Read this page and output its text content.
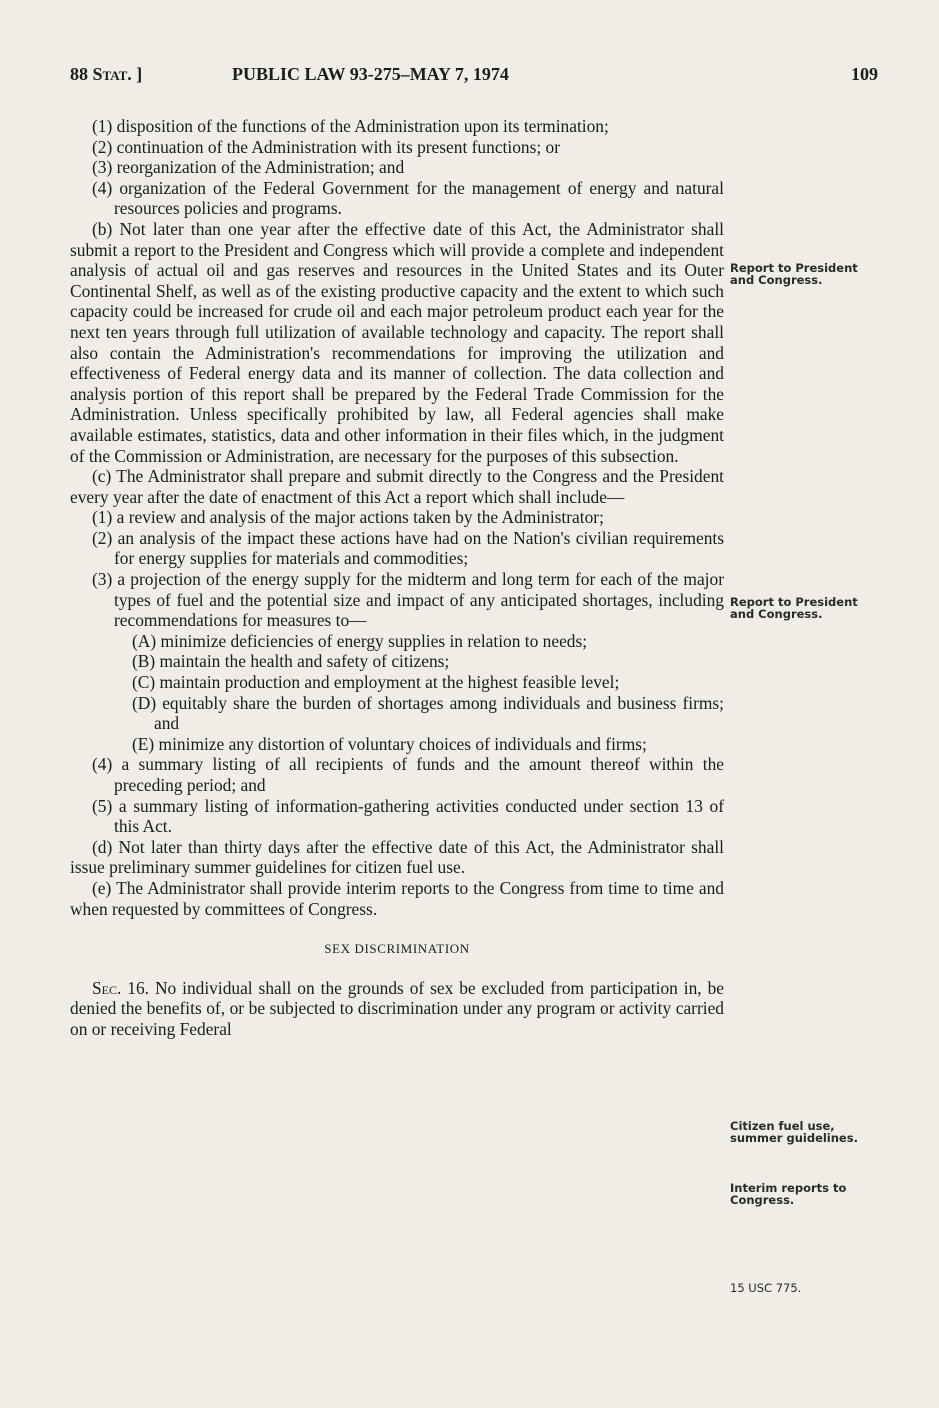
88 Stat. ]	PUBLIC LAW 93-275–MAY 7, 1974	109

(1) disposition of the functions of the Administration upon its termination;

(2) continuation of the Administration with its present functions; or

(3) reorganization of the Administration; and

(4) organization of the Federal Government for the management of energy and natural resources policies and programs.

(b) Not later than one year after the effective date of this Act, the Administrator shall submit a report to the President and Congress which will provide a complete and independent analysis of actual oil and gas reserves and resources in the United States and its Outer Continental Shelf, as well as of the existing productive capacity and the extent to which such capacity could be increased for crude oil and each major petroleum product each year for the next ten years through full utilization of available technology and capacity. The report shall also contain the Administration's recommendations for improving the utilization and effectiveness of Federal energy data and its manner of collection. The data collection and analysis portion of this report shall be prepared by the Federal Trade Commission for the Administration. Unless specifically prohibited by law, all Federal agencies shall make available estimates, statistics, data and other information in their files which, in the judgment of the Commission or Administration, are necessary for the purposes of this subsection.

(c) The Administrator shall prepare and submit directly to the Congress and the President every year after the date of enactment of this Act a report which shall include—

(1) a review and analysis of the major actions taken by the Administrator;

(2) an analysis of the impact these actions have had on the Nation's civilian requirements for energy supplies for materials and commodities;

(3) a projection of the energy supply for the midterm and long term for each of the major types of fuel and the potential size and impact of any anticipated shortages, including recommendations for measures to—

(A) minimize deficiencies of energy supplies in relation to needs;

(B) maintain the health and safety of citizens;

(C) maintain production and employment at the highest feasible level;

(D) equitably share the burden of shortages among individuals and business firms; and

(E) minimize any distortion of voluntary choices of individuals and firms;

(4) a summary listing of all recipients of funds and the amount thereof within the preceding period; and

(5) a summary listing of information-gathering activities conducted under section 13 of this Act.

(d) Not later than thirty days after the effective date of this Act, the Administrator shall issue preliminary summer guidelines for citizen fuel use.

(e) The Administrator shall provide interim reports to the Congress from time to time and when requested by committees of Congress.

SEX DISCRIMINATION

Sec. 16. No individual shall on the grounds of sex be excluded from participation in, be denied the benefits of, or be subjected to discrimination under any program or activity carried on or receiving Federal

Report to President and Congress.
Report to President and Congress.
Citizen fuel use, summer guidelines.
Interim reports to Congress.
15 USC 775.
